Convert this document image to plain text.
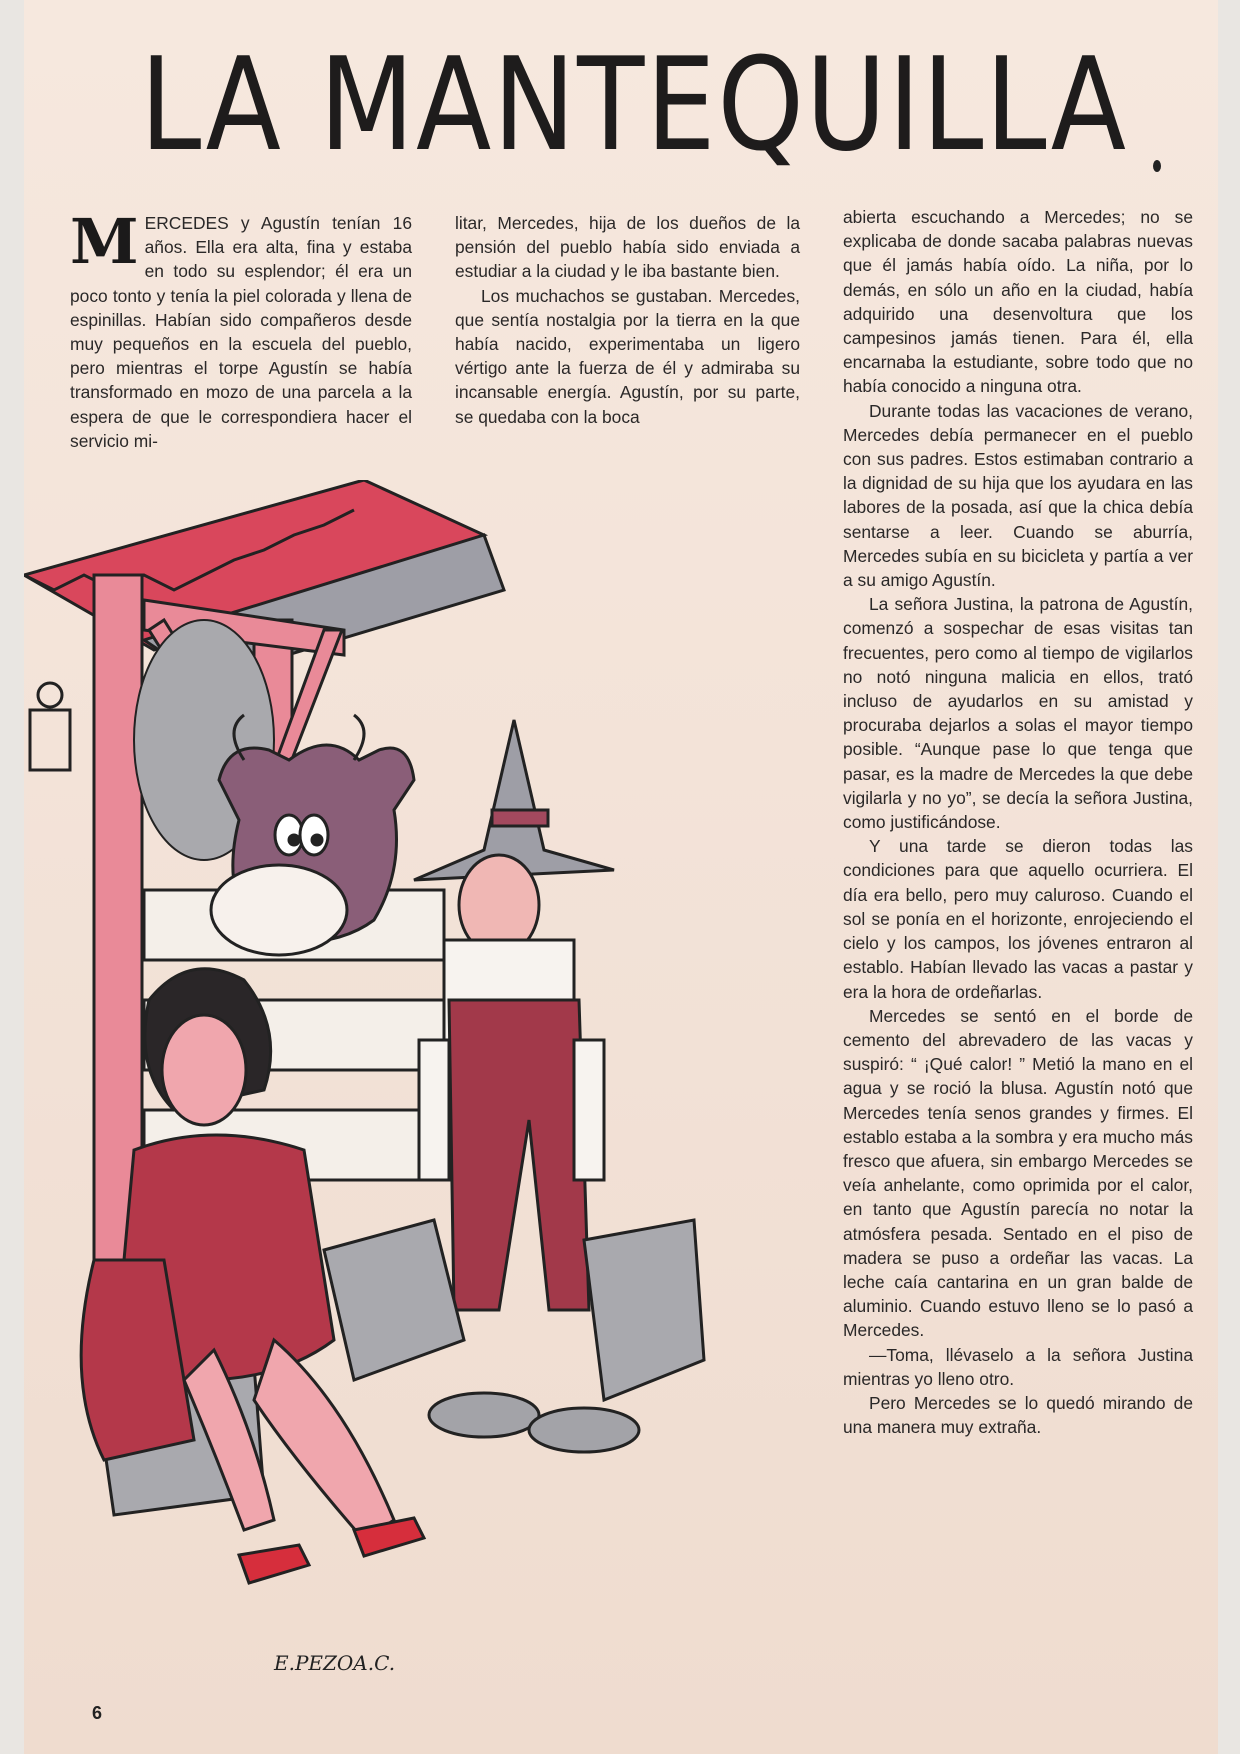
LA MANTEQUILLA

MERCEDES y Agustín tenían 16 años. Ella era alta, fina y estaba en todo su esplendor; él era un poco tonto y tenía la piel colorada y llena de espinillas. Habían sido compañeros desde muy pequeños en la escuela del pueblo, pero mientras el torpe Agustín se había transformado en mozo de una parcela a la espera de que le correspondiera hacer el servicio mi-

litar, Mercedes, hija de los dueños de la pensión del pueblo había sido enviada a estudiar a la ciudad y le iba bastante bien.

Los muchachos se gustaban. Mercedes, que sentía nostalgia por la tierra en la que había nacido, experimentaba un ligero vértigo ante la fuerza de él y admiraba su incansable energía. Agustín, por su parte, se quedaba con la boca

abierta escuchando a Mercedes; no se explicaba de donde sacaba palabras nuevas que él jamás había oído. La niña, por lo demás, en sólo un año en la ciudad, había adquirido una desenvoltura que los campesinos jamás tienen. Para él, ella encarnaba la estudiante, sobre todo que no había conocido a ninguna otra.

Durante todas las vacaciones de verano, Mercedes debía permanecer en el pueblo con sus padres. Estos estimaban contrario a la dignidad de su hija que los ayudara en las labores de la posada, así que la chica debía sentarse a leer. Cuando se aburría, Mercedes subía en su bicicleta y partía a ver a su amigo Agustín.

La señora Justina, la patrona de Agustín, comenzó a sospechar de esas visitas tan frecuentes, pero como al tiempo de vigilarlos no notó ninguna malicia en ellos, trató incluso de ayudarlos en su amistad y procuraba dejarlos a solas el mayor tiempo posible. “Aunque pase lo que tenga que pasar, es la madre de Mercedes la que debe vigilarla y no yo”, se decía la señora Justina, como justificándose.

Y una tarde se dieron todas las condiciones para que aquello ocurriera. El día era bello, pero muy caluroso. Cuando el sol se ponía en el horizonte, enrojeciendo el cielo y los campos, los jóvenes entraron al establo. Habían llevado las vacas a pastar y era la hora de ordeñarlas.

Mercedes se sentó en el borde de cemento del abrevadero de las vacas y suspiró: “ ¡Qué calor! ” Metió la mano en el agua y se roció la blusa. Agustín notó que Mercedes tenía senos grandes y firmes. El establo estaba a la sombra y era mucho más fresco que afuera, sin embargo Mercedes se veía anhelante, como oprimida por el calor, en tanto que Agustín parecía no notar la atmósfera pesada. Sentado en el piso de madera se puso a ordeñar las vacas. La leche caía cantarina en un gran balde de aluminio. Cuando estuvo lleno se lo pasó a Mercedes.

—Toma, llévaselo a la señora Justina mientras yo lleno otro.

Pero Mercedes se lo quedó mirando de una manera muy extraña.

E.PEZOA.C.
6
